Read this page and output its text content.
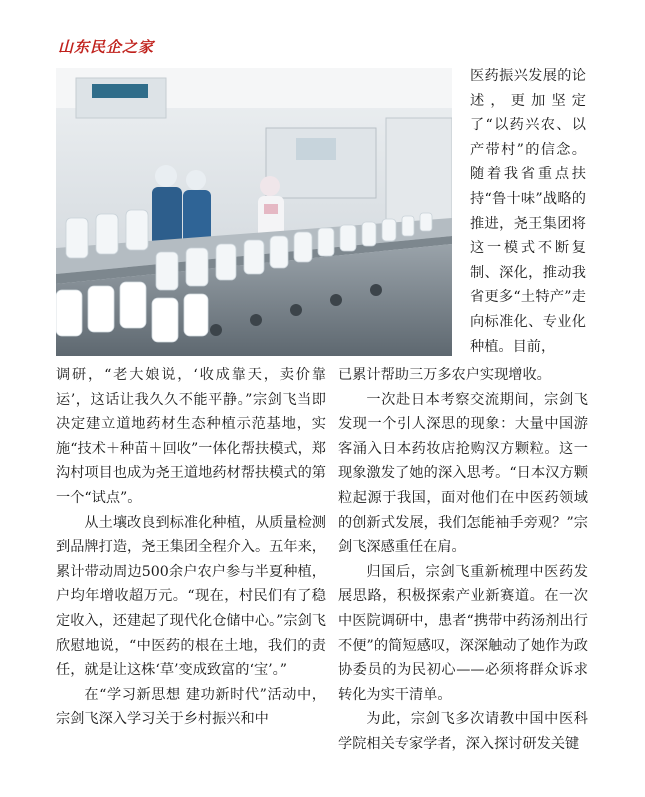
山东民企之家

医药振兴发展的论述，更加坚定了“以药兴农、以产带村”的信念。随着我省重点扶持“鲁十味”战略的推进，尧王集团将这一模式不断复制、深化，推动我省更多“土特产”走向标准化、专业化种植。目前，

调研，“老大娘说，‘收成靠天，卖价靠运’，这话让我久久不能平静。”宗剑飞当即决定建立道地药材生态种植示范基地，实施“技术＋种苗＋回收”一体化帮扶模式，郑沟村项目也成为尧王道地药材帮扶模式的第一个“试点”。

从土壤改良到标准化种植，从质量检测到品牌打造，尧王集团全程介入。五年来，累计带动周边500余户农户参与半夏种植，户均年增收超万元。“现在，村民们有了稳定收入，还建起了现代化仓储中心。”宗剑飞欣慰地说，“中医药的根在土地，我们的责任，就是让这株‘草’变成致富的‘宝’。”

在“学习新思想 建功新时代”活动中，宗剑飞深入学习关于乡村振兴和中

已累计帮助三万多农户实现增收。

一次赴日本考察交流期间，宗剑飞发现一个引人深思的现象：大量中国游客涌入日本药妆店抢购汉方颗粒。这一现象激发了她的深入思考。“日本汉方颗粒起源于我国，面对他们在中医药领域的创新式发展，我们怎能袖手旁观？”宗剑飞深感重任在肩。

归国后，宗剑飞重新梳理中医药发展思路，积极探索产业新赛道。在一次中医院调研中，患者“携带中药汤剂出行不便”的简短感叹，深深触动了她作为政协委员的为民初心——必须将群众诉求转化为实干清单。

为此，宗剑飞多次请教中国中医科学院相关专家学者，深入探讨研发关键
